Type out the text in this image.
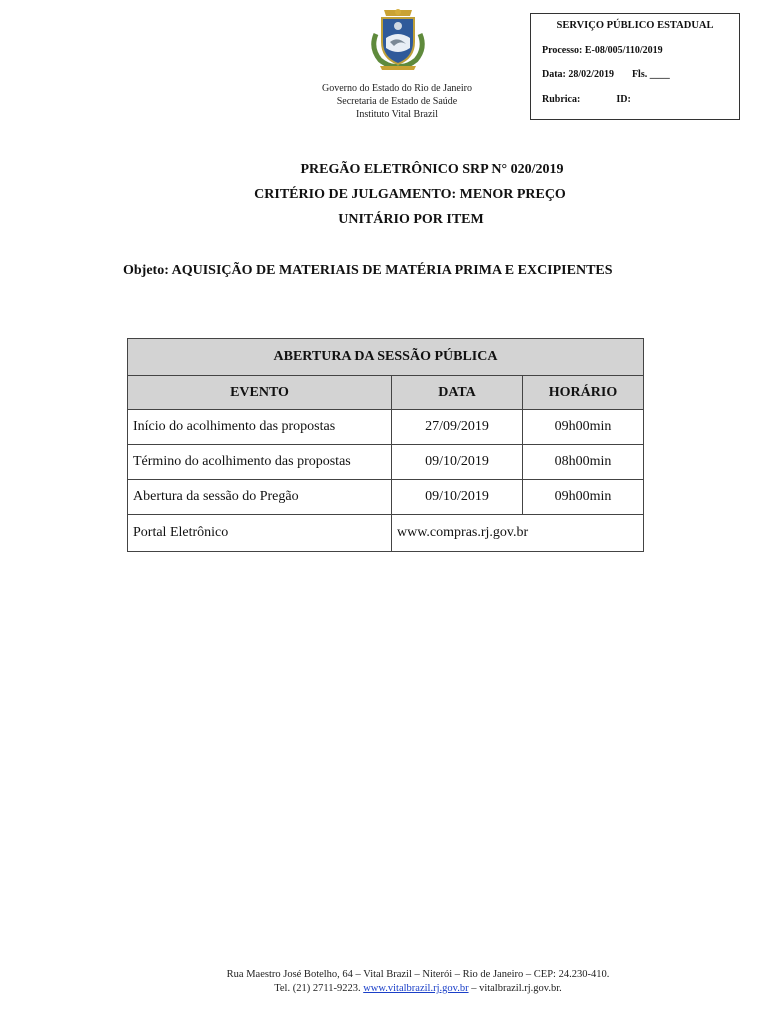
Governo do Estado do Rio de Janeiro
Secretaria de Estado de Saúde
Instituto Vital Brazil
SERVIÇO PÚBLICO ESTADUAL
Processo: E-08/005/110/2019
Data: 28/02/2019 Fls. ____
Rubrica:	ID:
PREGÃO ELETRÔNICO SRP N° 020/2019
CRITÉRIO DE JULGAMENTO: MENOR PREÇO
UNITÁRIO POR ITEM
Objeto: AQUISIÇÃO DE MATERIAIS DE MATÉRIA PRIMA E EXCIPIENTES
ABERTURA DA SESSÃO PÚBLICA		
EVENTO	DATA	HORÁRIO
Início do acolhimento das propostas	27/09/2019	09h00min
Término do acolhimento das propostas	09/10/2019	08h00min
Abertura da sessão do Pregão	09/10/2019	09h00min
Portal Eletrônico	www.compras.rj.gov.br	
Rua Maestro José Botelho, 64 – Vital Brazil – Niterói – Rio de Janeiro – CEP: 24.230-410.
Tel. (21) 2711-9223. www.vitalbrazil.rj.gov.br – vitalbrazil.rj.gov.br.
